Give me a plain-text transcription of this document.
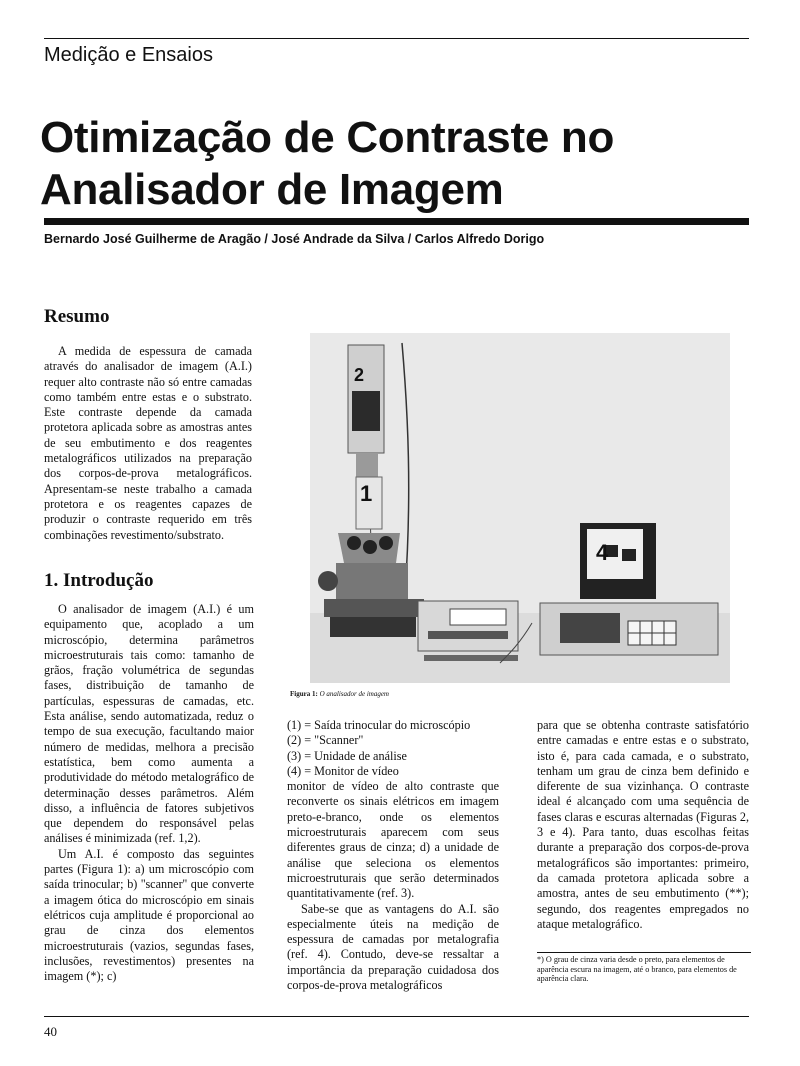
Medição e Ensaios
Otimização de Contraste no
Analisador de Imagem
Bernardo José Guilherme de Aragão / José Andrade da Silva / Carlos Alfredo Dorigo
Resumo

A medida de espessura de camada através do analisador de imagem (A.I.) requer alto contraste não só entre camadas como também entre estas e o substrato. Este contraste depende da camada protetora aplicada sobre as amostras antes de seu embutimento e dos reagentes metalográficos utilizados na preparação dos corpos-de-prova metalográficos. Apresentam-se neste trabalho a camada protetora e os reagentes capazes de produzir o contraste requerido em três combinações revestimento/substrato.

1. Introdução

O analisador de imagem (A.I.) é um equipamento que, acoplado a um microscópio, determina parâmetros microestruturais tais como: tamanho de grãos, fração volumétrica de segundas fases, distribuição de tamanho de partículas, espessuras de camadas, etc. Esta análise, sendo automatizada, reduz o tempo de sua execução, facultando maior número de medidas, melhora a precisão estatística, bem como aumenta a produtividade do método metalográfico de determinação desses parâmetros. Além disso, a influência de fatores subjetivos que dependem do responsável pelas análises é minimizada (ref. 1,2).

Um A.I. é composto das seguintes partes (Figura 1): a) um microscópio com saída trinocular; b) ''scanner'' que converte a imagem ótica do microscópio em sinais elétricos cuja amplitude é proporcional ao grau de cinza dos elementos microestruturais (vazios, segundas fases, inclusões, revestimentos) presentes na imagem (*); c)

2
1
4
Figura 1: O analisador de imagem
(1) = Saída trinocular do microscópio
(2) = "Scanner"
(3) = Unidade de análise
(4) = Monitor de vídeo

monitor de vídeo de alto contraste que reconverte os sinais elétricos em imagem preto-e-branco, onde os elementos microestruturais aparecem com seus diferentes graus de cinza; d) a unidade de análise que seleciona os elementos microestruturais que serão determinados quantitativamente (ref. 3).

Sabe-se que as vantagens do A.I. são especialmente úteis na medição de espessura de camadas por metalografia (ref. 4). Contudo, deve-se ressaltar a importância da preparação cuidadosa dos corpos-de-prova metalográficos

para que se obtenha contraste satisfatório entre camadas e entre estas e o substrato, isto é, para cada camada, e o substrato, tenham um grau de cinza bem definido e diferente de sua vizinhança. O contraste ideal é alcançado com uma sequência de fases claras e escuras alternadas (Figuras 2, 3 e 4). Para tanto, duas escolhas feitas durante a preparação dos corpos-de-prova metalográficos são importantes: primeiro, da camada protetora aplicada sobre a amostra, antes de seu embutimento (**); segundo, dos reagentes empregados no ataque metalográfico.

*) O grau de cinza varia desde o preto, para elementos de aparência escura na imagem, até o branco, para elementos de aparência clara.
40
